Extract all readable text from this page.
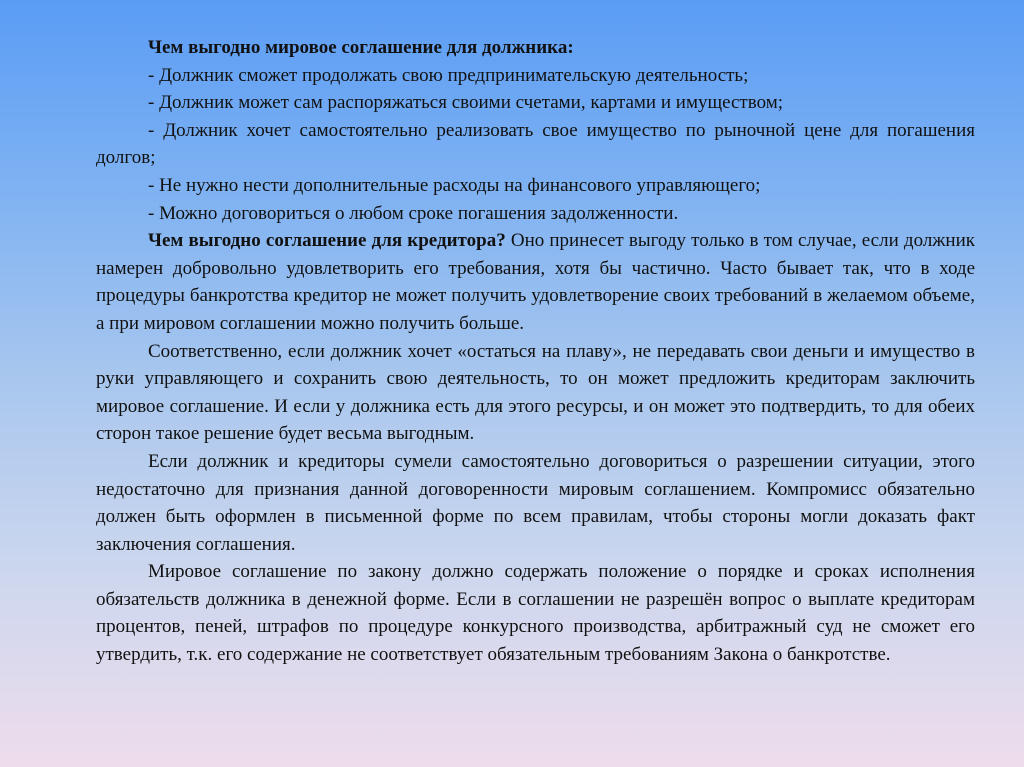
Чем выгодно мировое соглашение для должника:

- Должник сможет продолжать свою предпринимательскую деятельность;

- Должник может сам распоряжаться своими счетами, картами и имуществом;

- Должник хочет самостоятельно реализовать свое имущество по рыночной цене для погашения долгов;

- Не нужно нести дополнительные расходы на финансового управляющего;

- Можно договориться о любом сроке погашения задолженности.

Чем выгодно соглашение для кредитора? Оно принесет выгоду только в том случае, если должник намерен добровольно удовлетворить его требования, хотя бы частично. Часто бывает так, что в ходе процедуры банкротства кредитор не может получить удовлетворение своих требований в желаемом объеме, а при мировом соглашении можно получить больше.

Соответственно, если должник хочет «остаться на плаву», не передавать свои деньги и имущество в руки управляющего и сохранить свою деятельность, то он может предложить кредиторам заключить мировое соглашение. И если у должника есть для этого ресурсы, и он может это подтвердить, то для обеих сторон такое решение будет весьма выгодным.

Если должник и кредиторы сумели самостоятельно договориться о разрешении ситуации, этого недостаточно для признания данной договоренности мировым соглашением. Компромисс обязательно должен быть оформлен в письменной форме по всем правилам, чтобы стороны могли доказать факт заключения соглашения.

Мировое соглашение по закону должно содержать положение о порядке и сроках исполнения обязательств должника в денежной форме. Если в соглашении не разрешён вопрос о выплате кредиторам процентов, пеней, штрафов по процедуре конкурсного производства, арбитражный суд не сможет его утвердить, т.к. его содержание не соответствует обязательным требованиям Закона о банкротстве.
